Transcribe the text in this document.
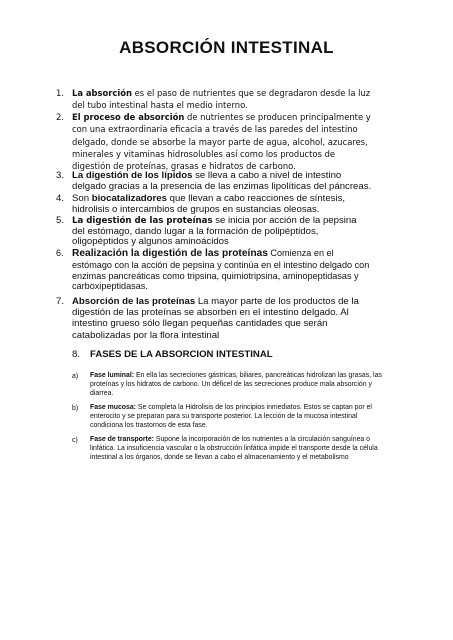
ABSORCIÓN INTESTINAL
1. La absorción es el paso de nutrientes que se degradaron desde la luz del tubo intestinal hasta el medio interno.
2. El proceso de absorción de nutrientes se producen principalmente y con una extraordinaria eficacia a través de las paredes del intestino delgado, donde se absorbe la mayor parte de agua, alcohol, azucares, minerales y vitaminas hidrosolubles así como los productos de digestión de proteínas, grasas e hidratos de carbono.
3. La digestión de los lípidos se lleva a cabo a nivel de intestino delgado gracias a la presencia de las enzimas lipolíticas del páncreas.
4. Son biocatalizadores que llevan a cabo reacciones de síntesis, hidrolisis o intercambios de grupos en sustancias oleosas.
5. La digestión de las proteínas se inicia por acción de la pepsina del estómago, dando lugar a la formación de polipéptidos, oligopéptidos y algunos aminoácidos
6. Realización la digestión de las proteínas Comienza en el estómago con la acción de pepsina y continúa en el intestino delgado con enzimas pancreáticas como tripsina, quimiotripsina, aminopeptidasas y carboxipeptidasas.
7. Absorción de las proteínas La mayor parte de los productos de la digestión de las proteínas se absorben en el intestino delgado. Al intestino grueso sólo llegan pequeñas cantidades que serán catabolizadas por la flora intestinal
8. FASES DE LA ABSORCION INTESTINAL
a) Fase luminal: En ella las secreciones gástricas, biliares, pancreáticas hidrolizan las grasas, las proteínas y los hidratos de carbono. Un déficel de las secreciones produce mala absorción y diarrea.
b) Fase mucosa: Se completa la Hidrolisis de los principios inmediatos. Estos se captan por el enterocito y se preparan para su transporte posterior. La lección de la mucosa intestinal condiciona los trastornos de esta fase.
c) Fase de transporte: Supone la incorporación de los nutrientes a la circulación sanguínea o linfática. La insuficiencia vascular o la obstrucción linfática impide el transporte desde la célula intestinal a los órganos, donde se llevan a cabo el almacenamiento y el metabolismo
